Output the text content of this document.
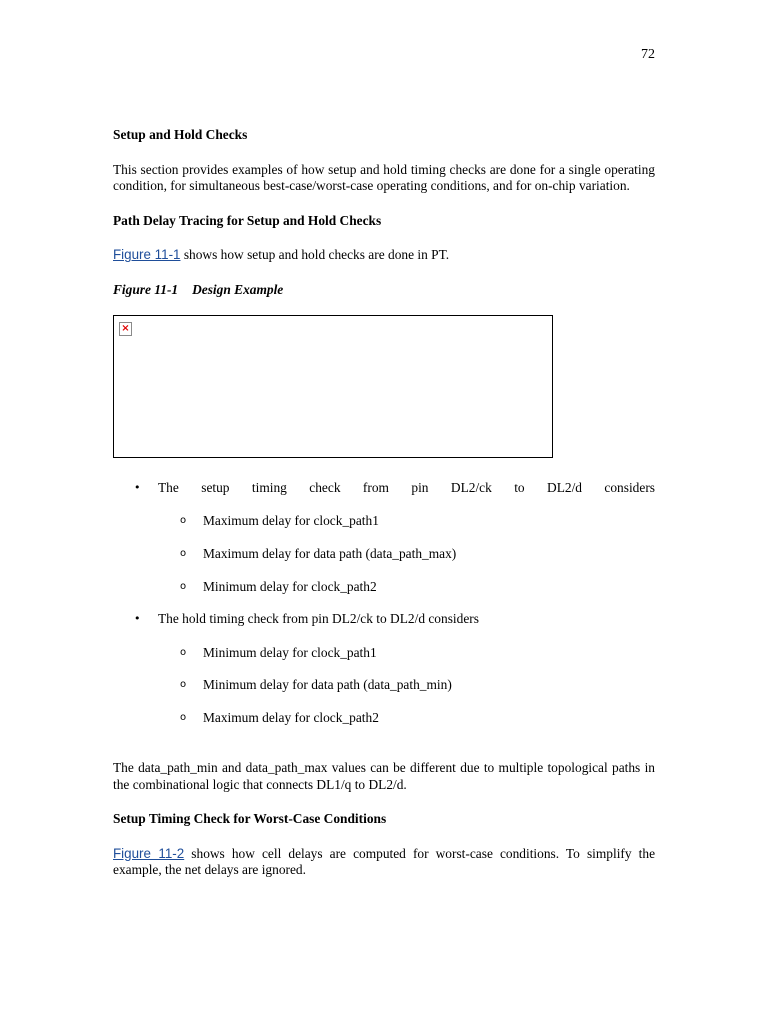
72

Setup and Hold Checks

This section provides examples of how setup and hold timing checks are done for a single operating condition, for simultaneous best-case/worst-case operating conditions, and for on-chip variation.

Path Delay Tracing for Setup and Hold Checks

Figure 11-1 shows how setup and hold checks are done in PT.

Figure 11-1 Design Example

×
• The setup timing check from pin DL2/ck to DL2/d considers
o Maximum delay for clock_path1
o Maximum delay for data path (data_path_max)
o Minimum delay for clock_path2
• The hold timing check from pin DL2/ck to DL2/d considers
o Minimum delay for clock_path1
o Minimum delay for data path (data_path_min)
o Maximum delay for clock_path2

The data_path_min and data_path_max values can be different due to multiple topological paths in the combinational logic that connects DL1/q to DL2/d.

Setup Timing Check for Worst-Case Conditions

Figure 11-2 shows how cell delays are computed for worst-case conditions. To simplify the example, the net delays are ignored.
